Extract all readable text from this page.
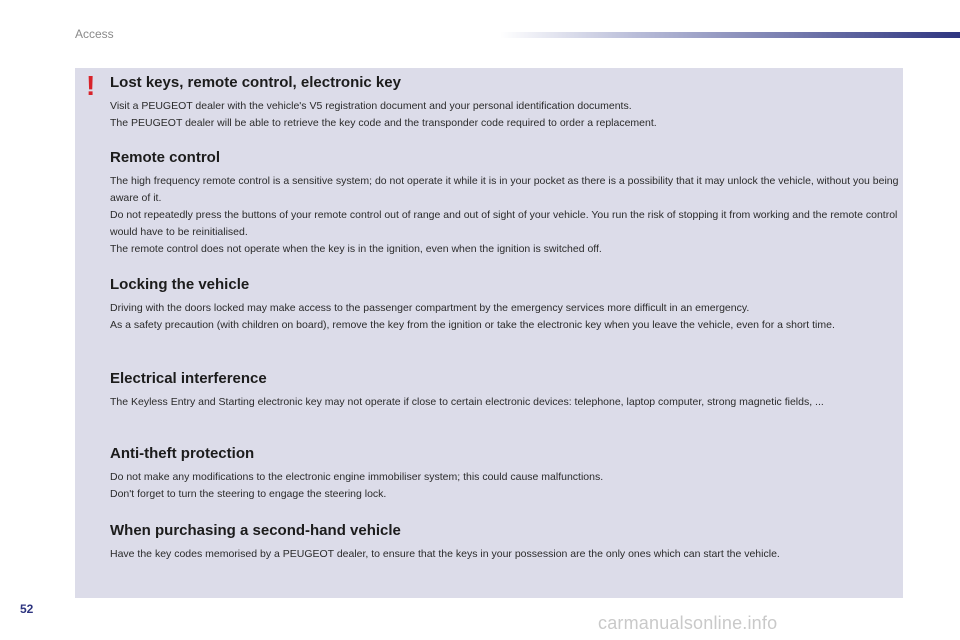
Access
! Lost keys, remote control, electronic key

Visit a PEUGEOT dealer with the vehicle's V5 registration document and your personal identification documents.

The PEUGEOT dealer will be able to retrieve the key code and the transponder code required to order a replacement.

Remote control

The high frequency remote control is a sensitive system; do not operate it while it is in your pocket as there is a possibility that it may unlock the vehicle, without you being aware of it.

Do not repeatedly press the buttons of your remote control out of range and out of sight of your vehicle. You run the risk of stopping it from working and the remote control would have to be reinitialised.

The remote control does not operate when the key is in the ignition, even when the ignition is switched off.

Locking the vehicle

Driving with the doors locked may make access to the passenger compartment by the emergency services more difficult in an emergency.

As a safety precaution (with children on board), remove the key from the ignition or take the electronic key when you leave the vehicle, even for a short time.

Electrical interference

The Keyless Entry and Starting electronic key may not operate if close to certain electronic devices: telephone, laptop computer, strong magnetic fields, ...

Anti-theft protection

Do not make any modifications to the electronic engine immobiliser system; this could cause malfunctions.

Don't forget to turn the steering to engage the steering lock.

When purchasing a second-hand vehicle

Have the key codes memorised by a PEUGEOT dealer, to ensure that the keys in your possession are the only ones which can start the vehicle.

52
carmanualsonline.info
